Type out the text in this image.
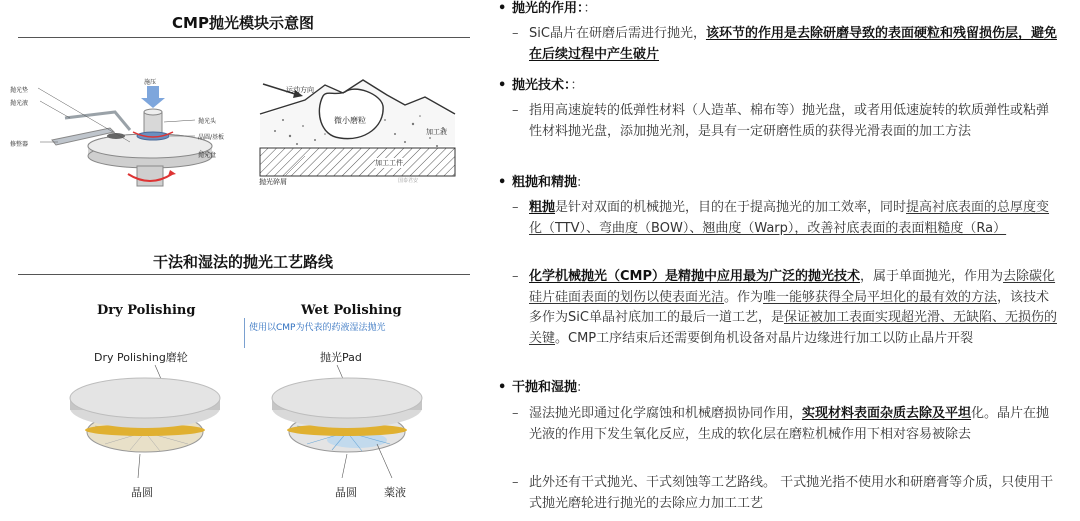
CMP抛光模块示意图
抛光垫
抛光液
修整器
施压
抛光头
晶圆/基板
抛光盘
运动方向
微小磨粒
加工液
加工工件
抛光碎屑	国泰君安
干法和湿法的抛光工艺路线
Dry Polishing
Dry Polishing磨轮
晶圆
Wet Polishing
使用以CMP为代表的药液湿法抛光
抛光Pad
晶圆 薬液
• 抛光的作用：：
– SiC晶片在研磨后需进行抛光，该环节的作用是去除研磨导致的表面硬粒和残留损伤层，避免在后续过程中产生破片
• 抛光技术：：
– 指用高速旋转的低弹性材料（人造革、棉布等）抛光盘，或者用低速旋转的软质弹性或粘弹性材料抛光盘，添加抛光剂，是具有一定研磨性质的获得光滑表面的加工方法
• 粗抛和精抛:
– 粗抛是针对双面的机械抛光，目的在于提高抛光的加工效率，同时提高衬底表面的总厚度变化（TTV）、弯曲度（BOW）、翘曲度（Warp），改善衬底表面的表面粗糙度（Ra）
– 化学机械抛光（CMP）是精抛中应用最为广泛的抛光技术，属于单面抛光，作用为去除碳化硅片硅面表面的划伤以使表面光洁。作为唯一能够获得全局平坦化的最有效的方法，该技术多作为SiC单晶衬底加工的最后一道工艺，是保证被加工表面实现超光滑、无缺陷、无损伤的关键。CMP工序结束后还需要倒角机设备对晶片边缘进行加工以防止晶片开裂
• 干抛和湿抛:
– 湿法抛光即通过化学腐蚀和机械磨损协同作用，实现材料表面杂质去除及平坦化。晶片在抛光液的作用下发生氧化反应，生成的软化层在磨粒机械作用下相对容易被除去
– 此外还有干式抛光、干式刻蚀等工艺路线。 干式抛光指不使用水和研磨膏等介质，只使用干式抛光磨轮进行抛光的去除应力加工工艺
